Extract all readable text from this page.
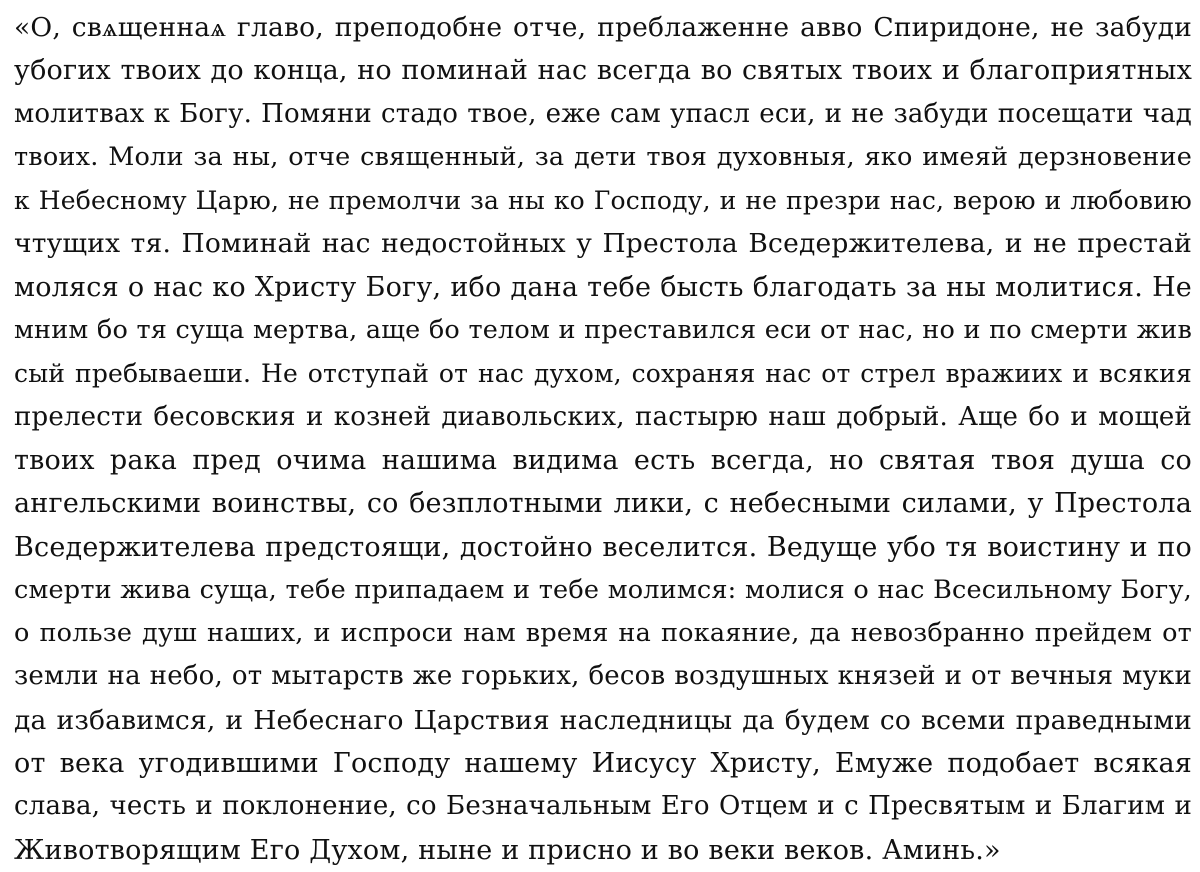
«О, свѧщеннаѧ главо, преподобне отче, преблаженне авво Спиридоне, не забуди
убогих твоих до конца, но поминай нас всегда во святых твоих и благоприятных
молитвах к Богу. Помяни стадо твое, еже сам упасл еси, и не забуди посещати чад
твоих. Моли за ны, отче священный, за дети твоя духовныя, яко имеяй дерзновение
к Небесному Царю, не премолчи за ны ко Господу, и не презри нас, верою и любовию
чтущих тя. Поминай нас недостойных у Престола Вседержителева, и не престай
моляся о нас ко Христу Богу, ибо дана тебе бысть благодать за ны молитися. Не
мним бо тя суща мертва, аще бо телом и преставился еси от нас, но и по смерти жив
сый пребываеши. Не отступай от нас духом, сохраняя нас от стрел вражиих и всякия
прелести бесовския и козней диавольских, пастырю наш добрый. Аще бо и мощей
твоих рака пред очима нашима видима есть всегда, но святая твоя душа со
ангельскими воинствы, со безплотными лики, с небесными силами, у Престола
Вседержителева предстоящи, достойно веселится. Ведуще убо тя воистину и по
смерти жива суща, тебе припадаем и тебе молимся: молися о нас Всесильному Богу,
о пользе душ наших, и испроси нам время на покаяние, да невозбранно прейдем от
земли на небо, от мытарств же горьких, бесов воздушных князей и от вечныя муки
да избавимся, и Небеснаго Царствия наследницы да будем со всеми праведными
от века угодившими Господу нашему Иисусу Христу, Емуже подобает всякая
слава, честь и поклонение, со Безначальным Его Отцем и с Пресвятым и Благим и
Животворящим Его Духом, ныне и присно и во веки веков. Аминь.»
